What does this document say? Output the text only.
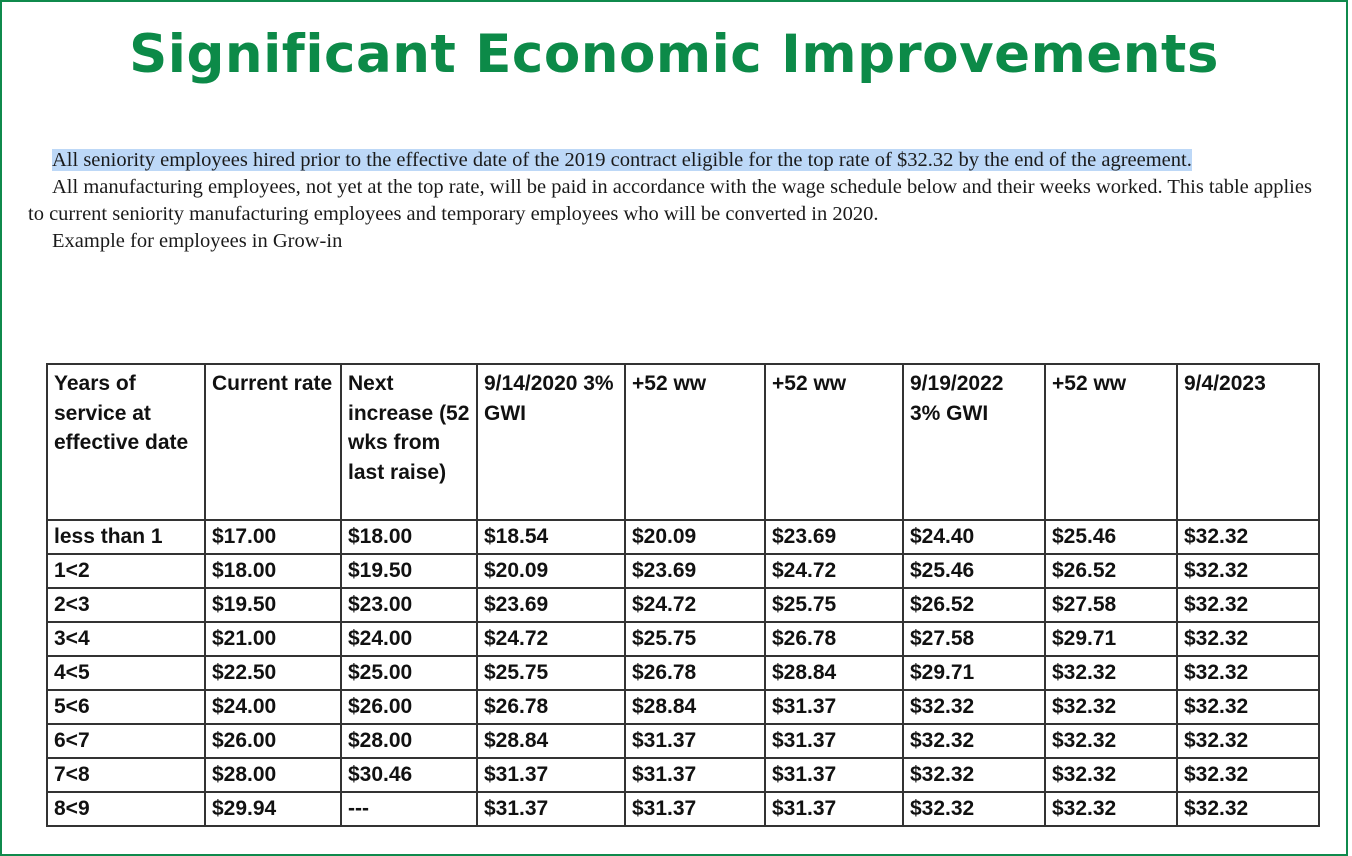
Significant Economic Improvements

All seniority employees hired prior to the effective date of the 2019 contract eligible for the top rate of $32.32 by the end of the agreement.

All manufacturing employees, not yet at the top rate, will be paid in accordance with the wage schedule below and their weeks worked. This table applies to current seniority manufacturing employees and temporary employees who will be converted in 2020.

Example for employees in Grow-in

Years of service at effective date	Current rate	Next increase (52 wks from last raise)	9/14/2020 3% GWI	+52 ww	+52 ww	9/19/2022 3% GWI	+52 ww	9/4/2023
less than 1	$17.00	$18.00	$18.54	$20.09	$23.69	$24.40	$25.46	$32.32
1<2	$18.00	$19.50	$20.09	$23.69	$24.72	$25.46	$26.52	$32.32
2<3	$19.50	$23.00	$23.69	$24.72	$25.75	$26.52	$27.58	$32.32
3<4	$21.00	$24.00	$24.72	$25.75	$26.78	$27.58	$29.71	$32.32
4<5	$22.50	$25.00	$25.75	$26.78	$28.84	$29.71	$32.32	$32.32
5<6	$24.00	$26.00	$26.78	$28.84	$31.37	$32.32	$32.32	$32.32
6<7	$26.00	$28.00	$28.84	$31.37	$31.37	$32.32	$32.32	$32.32
7<8	$28.00	$30.46	$31.37	$31.37	$31.37	$32.32	$32.32	$32.32
8<9	$29.94	---	$31.37	$31.37	$31.37	$32.32	$32.32	$32.32
